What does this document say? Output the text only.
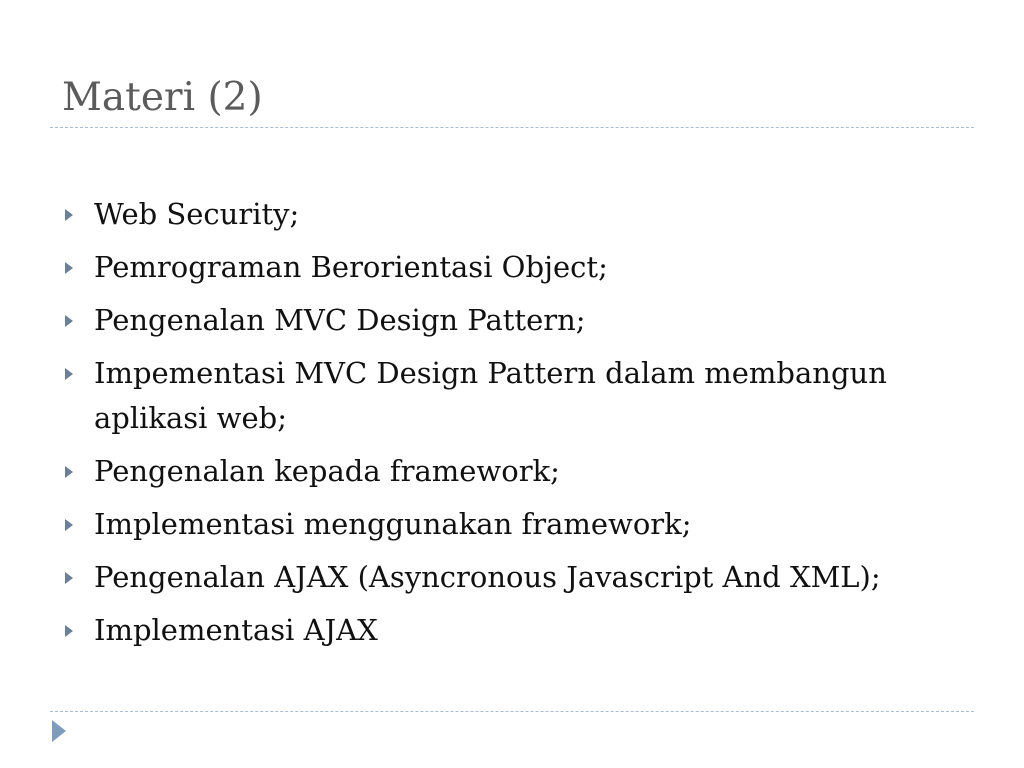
Materi (2)
Web Security;
Pemrograman Berorientasi Object;
Pengenalan MVC Design Pattern;
Impementasi MVC Design Pattern dalam membangun aplikasi web;
Pengenalan kepada framework;
Implementasi menggunakan framework;
Pengenalan AJAX (Asyncronous Javascript And XML);
Implementasi AJAX
